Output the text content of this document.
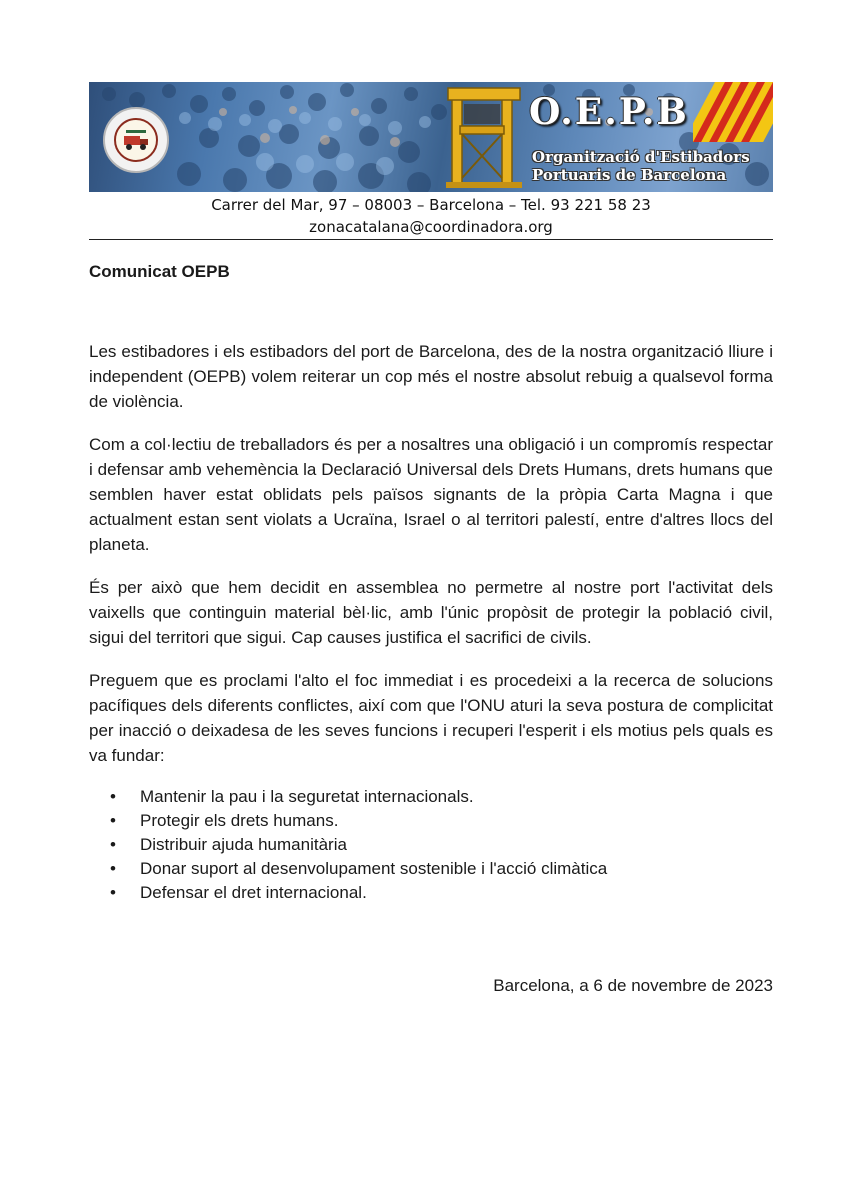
O.E.P.B
Organització d'Estibadors
Portuaris de Barcelona
Carrer del Mar, 97 – 08003 – Barcelona – Tel. 93 221 58 23
zonacatalana@coordinadora.org
Comunicat OEPB

Les estibadores i els estibadors del port de Barcelona, des de la nostra organització lliure i independent (OEPB) volem reiterar un cop més el nostre absolut rebuig a qualsevol forma de violència.

Com a col·lectiu de treballadors és per a nosaltres una obligació i un compromís respectar i defensar amb vehemència la Declaració Universal dels Drets Humans, drets humans que semblen haver estat oblidats pels països signants de la pròpia Carta Magna i que actualment estan sent violats a Ucraïna, Israel o al territori palestí, entre d'altres llocs del planeta.

És per això que hem decidit en assemblea no permetre al nostre port l'activitat dels vaixells que continguin material bèl·lic, amb l'únic propòsit de protegir la població civil, sigui del territori que sigui. Cap causes justifica el sacrifici de civils.

Preguem que es proclami l'alto el foc immediat i es procedeixi a la recerca de solucions pacífiques dels diferents conflictes, així com que l'ONU aturi la seva postura de complicitat per inacció o deixadesa de les seves funcions i recuperi l'esperit i els motius pels quals es va fundar:

• Mantenir la pau i la seguretat internacionals.
• Protegir els drets humans.
• Distribuir ajuda humanitària
• Donar suport al desenvolupament sostenible i l'acció climàtica
• Defensar el dret internacional.
Barcelona, a 6 de novembre de 2023
